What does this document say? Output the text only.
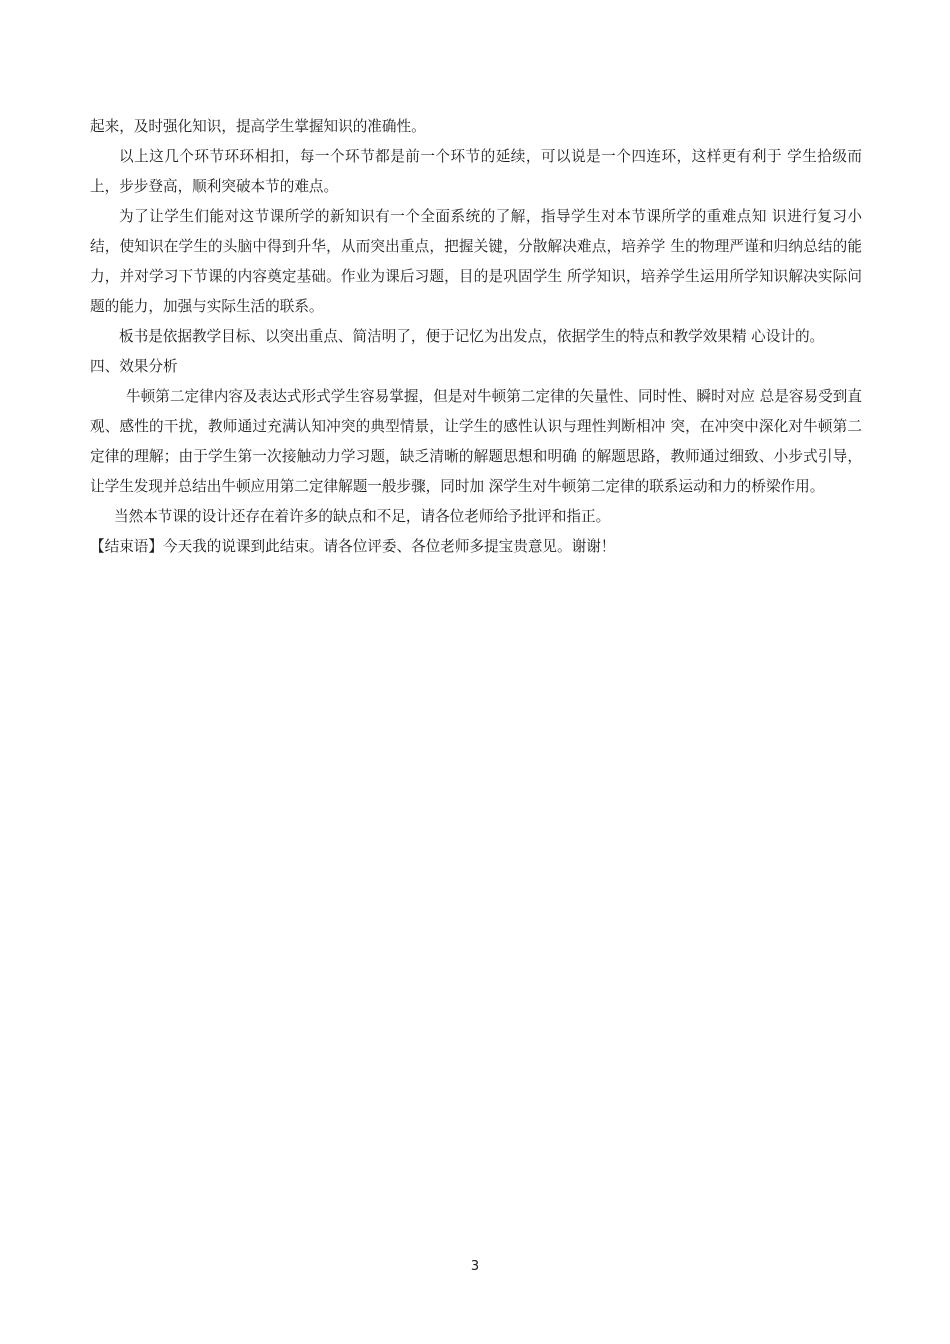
起来，及时强化知识，提高学生掌握知识的准确性。

以上这几个环节环环相扣，每一个环节都是前一个环节的延续，可以说是一个四连环，这样更有利于 学生拾级而上，步步登高，顺利突破本节的难点。

为了让学生们能对这节课所学的新知识有一个全面系统的了解，指导学生对本节课所学的重难点知 识进行复习小结，使知识在学生的头脑中得到升华，从而突出重点，把握关键，分散解决难点，培养学 生的物理严谨和归纳总结的能力，并对学习下节课的内容奠定基础。作业为课后习题，目的是巩固学生 所学知识，培养学生运用所学知识解决实际问题的能力，加强与实际生活的联系。

板书是依据教学目标、以突出重点、简洁明了，便于记忆为出发点，依据学生的特点和教学效果精 心设计的。

四、效果分析

牛顿第二定律内容及表达式形式学生容易掌握，但是对牛顿第二定律的矢量性、同时性、瞬时对应 总是容易受到直观、感性的干扰，教师通过充满认知冲突的典型情景，让学生的感性认识与理性判断相冲 突，在冲突中深化对牛顿第二定律的理解；由于学生第一次接触动力学习题，缺乏清晰的解题思想和明确 的解题思路，教师通过细致、小步式引导，让学生发现并总结出牛顿应用第二定律解题一般步骤，同时加 深学生对牛顿第二定律的联系运动和力的桥梁作用。

当然本节课的设计还存在着许多的缺点和不足，请各位老师给予批评和指正。

【结束语】今天我的说课到此结束。请各位评委、各位老师多提宝贵意见。谢谢！

3
